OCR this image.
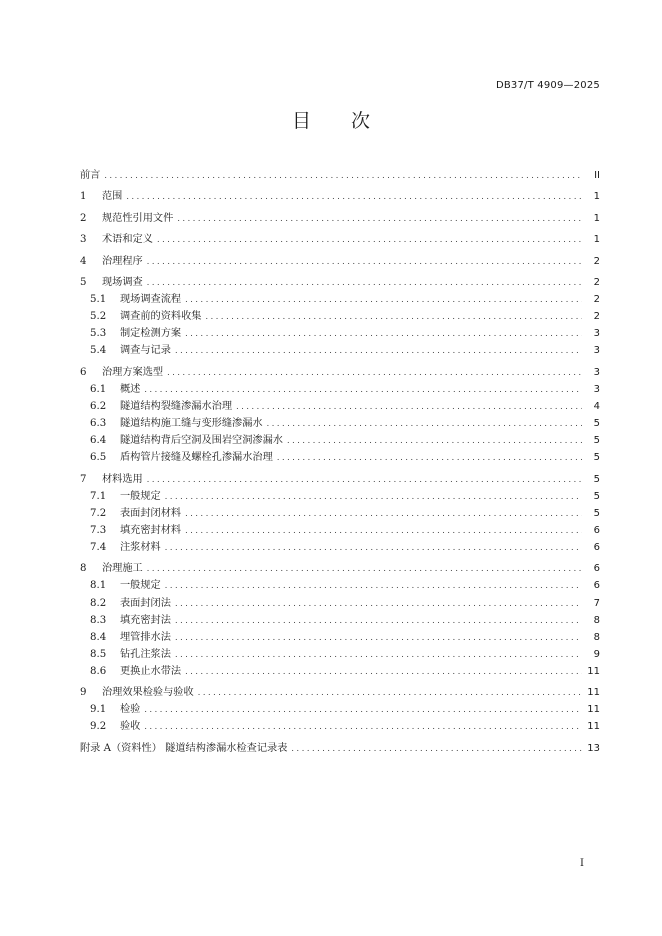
DB37/T 4909—2025
目次
前言 .....	II
1	范围 .....	1
2	规范性引用文件 .....	1
3	术语和定义 .....	1
4	治理程序 .....	2
5	现场调查 .....	2
5.1	现场调查流程 .....	2
5.2	调查前的资料收集 .....	2
5.3	制定检测方案 .....	3
5.4	调查与记录 .....	3
6	治理方案选型 .....	3
6.1	概述 .....	3
6.2	隧道结构裂缝渗漏水治理 .....	4
6.3	隧道结构施工缝与变形缝渗漏水 .....	5
6.4	隧道结构背后空洞及围岩空洞渗漏水 .....	5
6.5	盾构管片接缝及螺栓孔渗漏水治理 .....	5
7	材料选用 .....	5
7.1	一般规定 .....	5
7.2	表面封闭材料 .....	5
7.3	填充密封材料 .....	6
7.4	注浆材料 .....	6
8	治理施工 .....	6
8.1	一般规定 .....	6
8.2	表面封闭法 .....	7
8.3	填充密封法 .....	8
8.4	埋管排水法 .....	8
8.5	钻孔注浆法 .....	9
8.6	更换止水带法 .....	11
9	治理效果检验与验收 .....	11
9.1	检验 .....	11
9.2	验收 .....	11
附录 A（资料性） 隧道结构渗漏水检查记录表 .....	13
I
